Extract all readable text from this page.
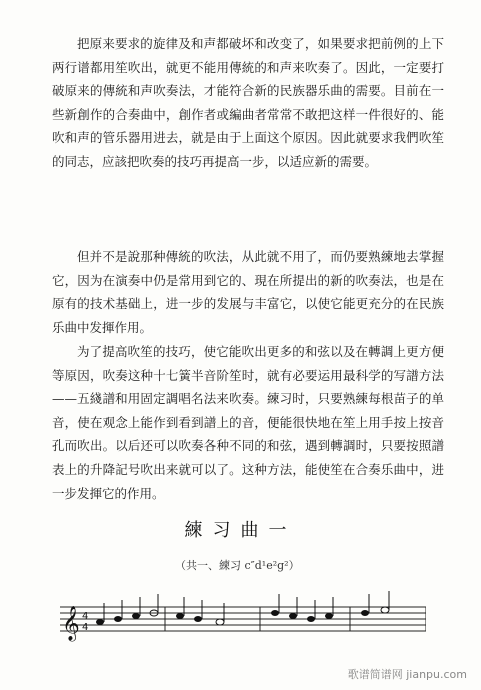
把原来要求的旋律及和声都破坏和改变了，如果要求把前例的上下两行谱都用笙吹出，就更不能用傳統的和声来吹奏了。因此，一定要打破原来的傳統和声吹奏法，才能符合新的民族器乐曲的需要。目前在一些新創作的合奏曲中，創作者或編曲者常常不敢把这样一件很好的、能吹和声的管乐器用进去，就是由于上面这个原因。因此就要求我們吹笙的同志，应該把吹奏的技巧再提高一步，以适应新的需要。

但并不是說那种傳統的吹法，从此就不用了，而仍要熟練地去掌握它，因为在演奏中仍是常用到它的、現在所提出的新的吹奏法，也是在原有的技术基础上，进一步的发展与丰富它，以使它能更充分的在民族乐曲中发揮作用。

为了提高吹笙的技巧，使它能吹出更多的和弦以及在轉調上更方便等原因，吹奏这种十七簧半音阶笙时，就有必要运用最科学的写譜方法——五綫譜和用固定調唱名法来吹奏。練习时，只要熟練每根苗子的单音，使在观念上能作到看到譜上的音，便能很快地在笙上用手按上按音孔而吹出。以后还可以吹奏各种不同的和弦，遇到轉調时，只要按照譜表上的升降記号吹出来就可以了。这种方法，能使笙在合奏乐曲中，进一步发揮它的作用。

練习曲一
（共一、練习 c″d¹e²g²）
𝄞 4
4
歌谱简谱网 jianpu.com
